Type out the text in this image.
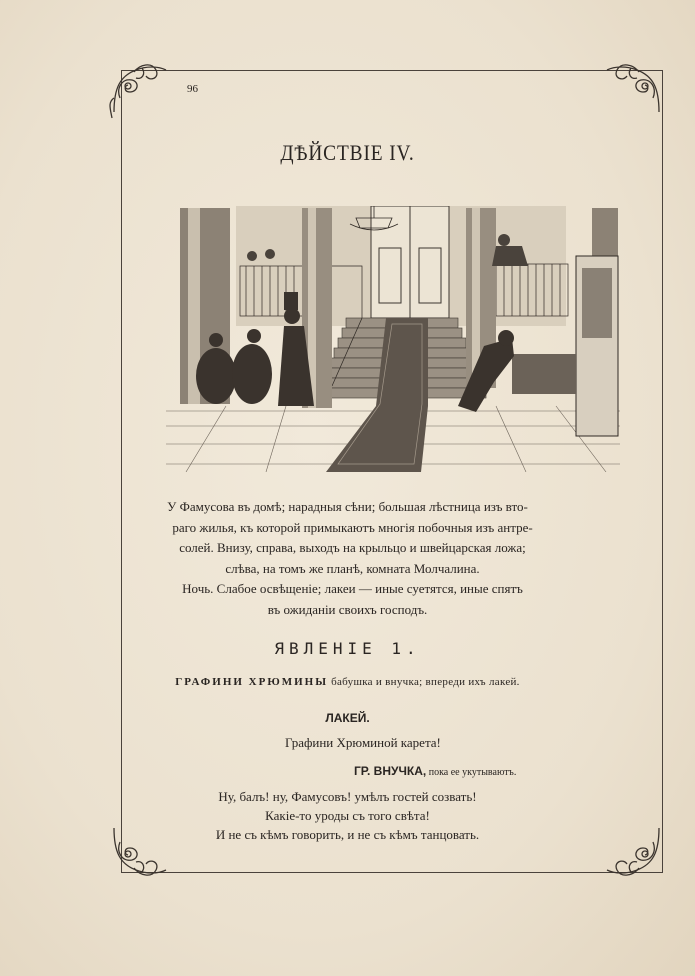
96
ДѢЙСТВІЕ IV.
У Фамусова въ домѣ; нарадныя сѣни; большая лѣстница изъ вто-
раго жилья, къ которой примыкаютъ многія побочныя изъ антре-
солей. Внизу, справа, выходъ на крыльцо и швейцарская ложа;
слѣва, на томъ же планѣ, комната Молчалина.
Ночь. Слабое освѣщеніе; лакеи — иные суетятся, иные спятъ
въ ожиданіи своихъ господъ.
ЯВЛЕНІЕ 1.
ГРАФИНИ ХРЮМИНЫ бабушка и внучка; впереди ихъ лакей.
ЛАКЕЙ.
Графини Хрюминой карета!
ГР. ВНУЧКА, пока ее укутываютъ.
Ну, балъ! ну, Фамусовъ! умѣлъ гостей созвать!
Какіе-то уроды съ того свѣта!
И не съ кѣмъ говорить, и не съ кѣмъ танцовать.
